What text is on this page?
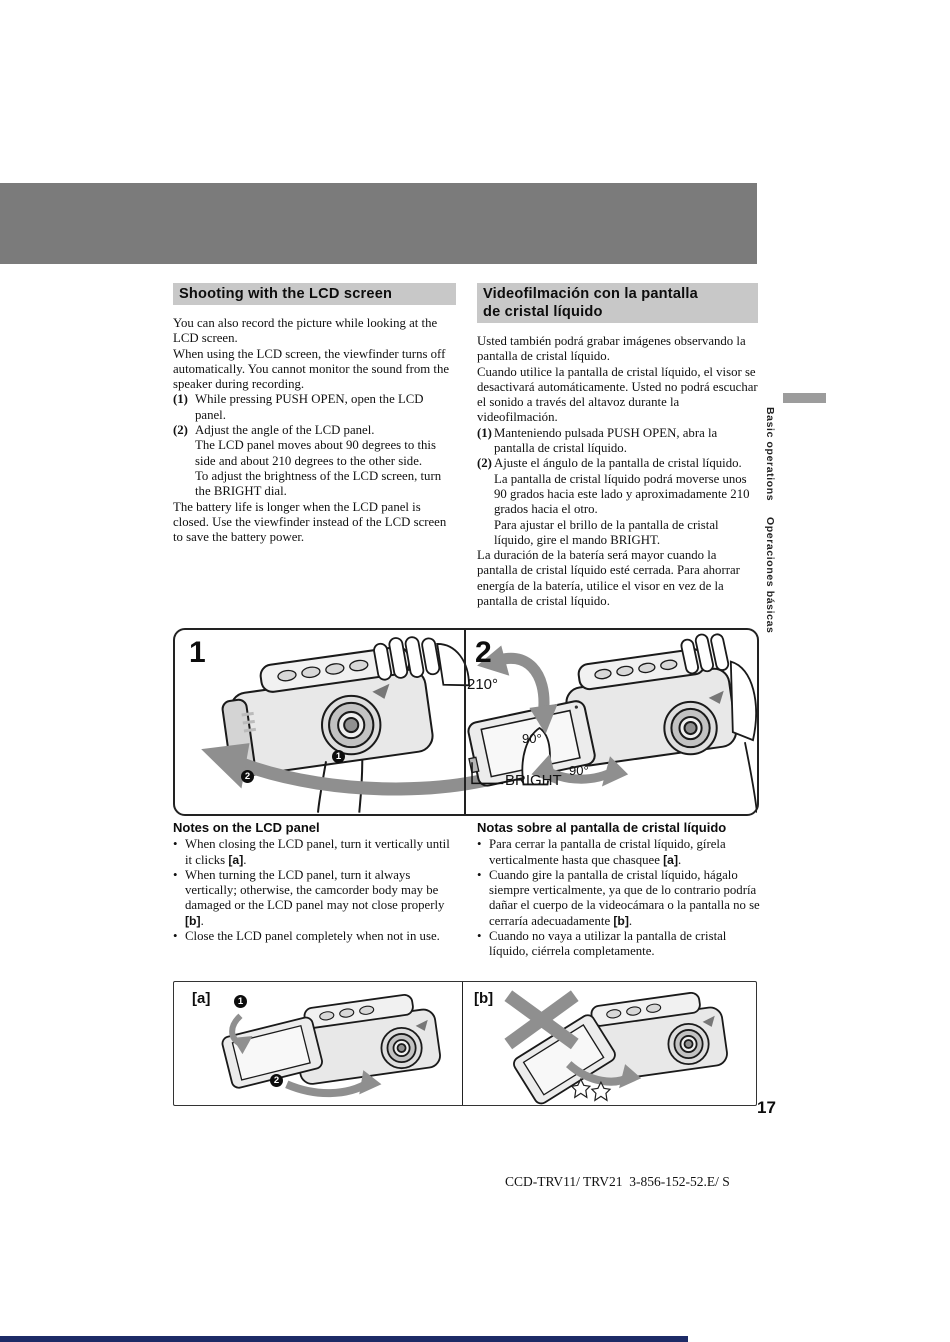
Basic operations
Operaciones básicas
Shooting with the LCD screen

You can also record the picture while looking at the LCD screen.

When using the LCD screen, the viewfinder turns off automatically. You cannot monitor the sound from the speaker during recording.

(1) While pressing PUSH OPEN, open the LCD panel.
(2) Adjust the angle of the LCD panel.

The LCD panel moves about 90 degrees to this side and about 210 degrees to the other side.

To adjust the brightness of the LCD screen, turn the BRIGHT dial.

The battery life is longer when the LCD panel is closed. Use the viewfinder instead of the LCD screen to save the battery power.

Videofilmación con la pantalla
de cristal líquido

Usted también podrá grabar imágenes observando la pantalla de cristal líquido.

Cuando utilice la pantalla de cristal líquido, el visor se desactivará automáticamente. Usted no podrá escuchar el sonido a través del altavoz durante la videofilmación.

(1) Manteniendo pulsada PUSH OPEN, abra la pantalla de cristal líquido.
(2) Ajuste el ángulo de la pantalla de cristal líquido.

La pantalla de cristal líquido podrá moverse unos 90 grados hacia este lado y aproximadamente 210 grados hacia el otro.

Para ajustar el brillo de la pantalla de cristal líquido, gire el mando BRIGHT.

La duración de la batería será mayor cuando la pantalla de cristal líquido esté cerrada. Para ahorrar energía de la batería, utilice el visor en vez de la pantalla de cristal líquido.

1	2
1
2
210°
90°
BRIGHT
90°

Notes on the LCD panel

• When closing the LCD panel, turn it vertically until it clicks [a].
• When turning the LCD panel, turn it always vertically; otherwise, the camcorder body may be damaged or the LCD panel may not close properly [b].
• Close the LCD panel completely when not in use.

Notas sobre al pantalla de cristal líquido

• Para cerrar la pantalla de cristal líquido, gírela verticalmente hasta que chasquee [a].
• Cuando gire la pantalla de cristal líquido, hágalo siempre verticalmente, ya que de lo contrario podría dañar el cuerpo de la videocámara o la pantalla no se cerraría adecuadamente [b].
• Cuando no vaya a utilizar la pantalla de cristal líquido, ciérrela completamente.
[a]	[b]
1
2
17
CCD-TRV11/ TRV21  3-856-152-52.E/ S
